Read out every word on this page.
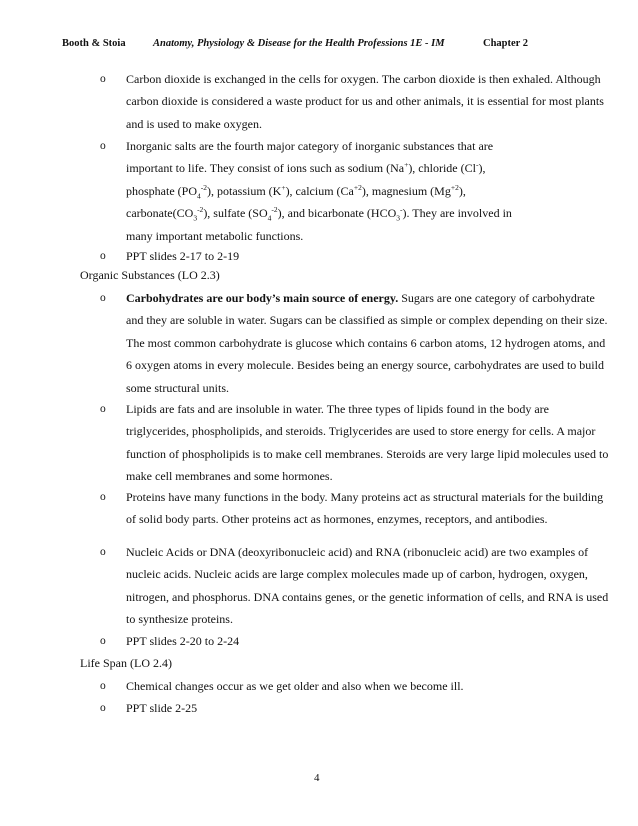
Booth & Stoia	Anatomy, Physiology & Disease for the Health Professions 1E - IM	Chapter 2
o	Carbon dioxide is exchanged in the cells for oxygen. The carbon dioxide is then exhaled. Although carbon dioxide is considered a waste product for us and other animals, it is essential for most plants and is used to make oxygen.
o	Inorganic salts are the fourth major category of inorganic substances that are
important to life. They consist of ions such as sodium (Na+), chloride (Cl-),
phosphate $(PO_4^{-2})$, potassium (K+), calcium $(Ca^{+2})$, magnesium $(Mg^{+2})$,
$carbonate(CO_3^{-2})$, sulfate $(SO_4^{-2})$, and bicarbonate $(HCO_3^-)$. They are involved in
many important metabolic functions.
o	PPT slides 2-17 to 2-19
Organic Substances (LO 2.3)
o	Carbohydrates are our body’s main source of energy. Sugars are one category of carbohydrate and they are soluble in water. Sugars can be classified as simple or complex depending on their size. The most common carbohydrate is glucose which contains 6 carbon atoms, 12 hydrogen atoms, and 6 oxygen atoms in every molecule. Besides being an energy source, carbohydrates are used to build some structural units.
o	Lipids are fats and are insoluble in water. The three types of lipids found in the body are triglycerides, phospholipids, and steroids. Triglycerides are used to store energy for cells. A major function of phospholipids is to make cell membranes. Steroids are very large lipid molecules used to make cell membranes and some hormones.
o	Proteins have many functions in the body. Many proteins act as structural materials for the building of solid body parts. Other proteins act as hormones, enzymes, receptors, and antibodies.
o	Nucleic Acids or DNA (deoxyribonucleic acid) and RNA (ribonucleic acid) are two examples of nucleic acids. Nucleic acids are large complex molecules made up of carbon, hydrogen, oxygen, nitrogen, and phosphorus. DNA contains genes, or the genetic information of cells, and RNA is used to synthesize proteins.
o	PPT slides 2-20 to 2-24
Life Span (LO 2.4)
o	Chemical changes occur as we get older and also when we become ill.
o	PPT slide 2-25
4
